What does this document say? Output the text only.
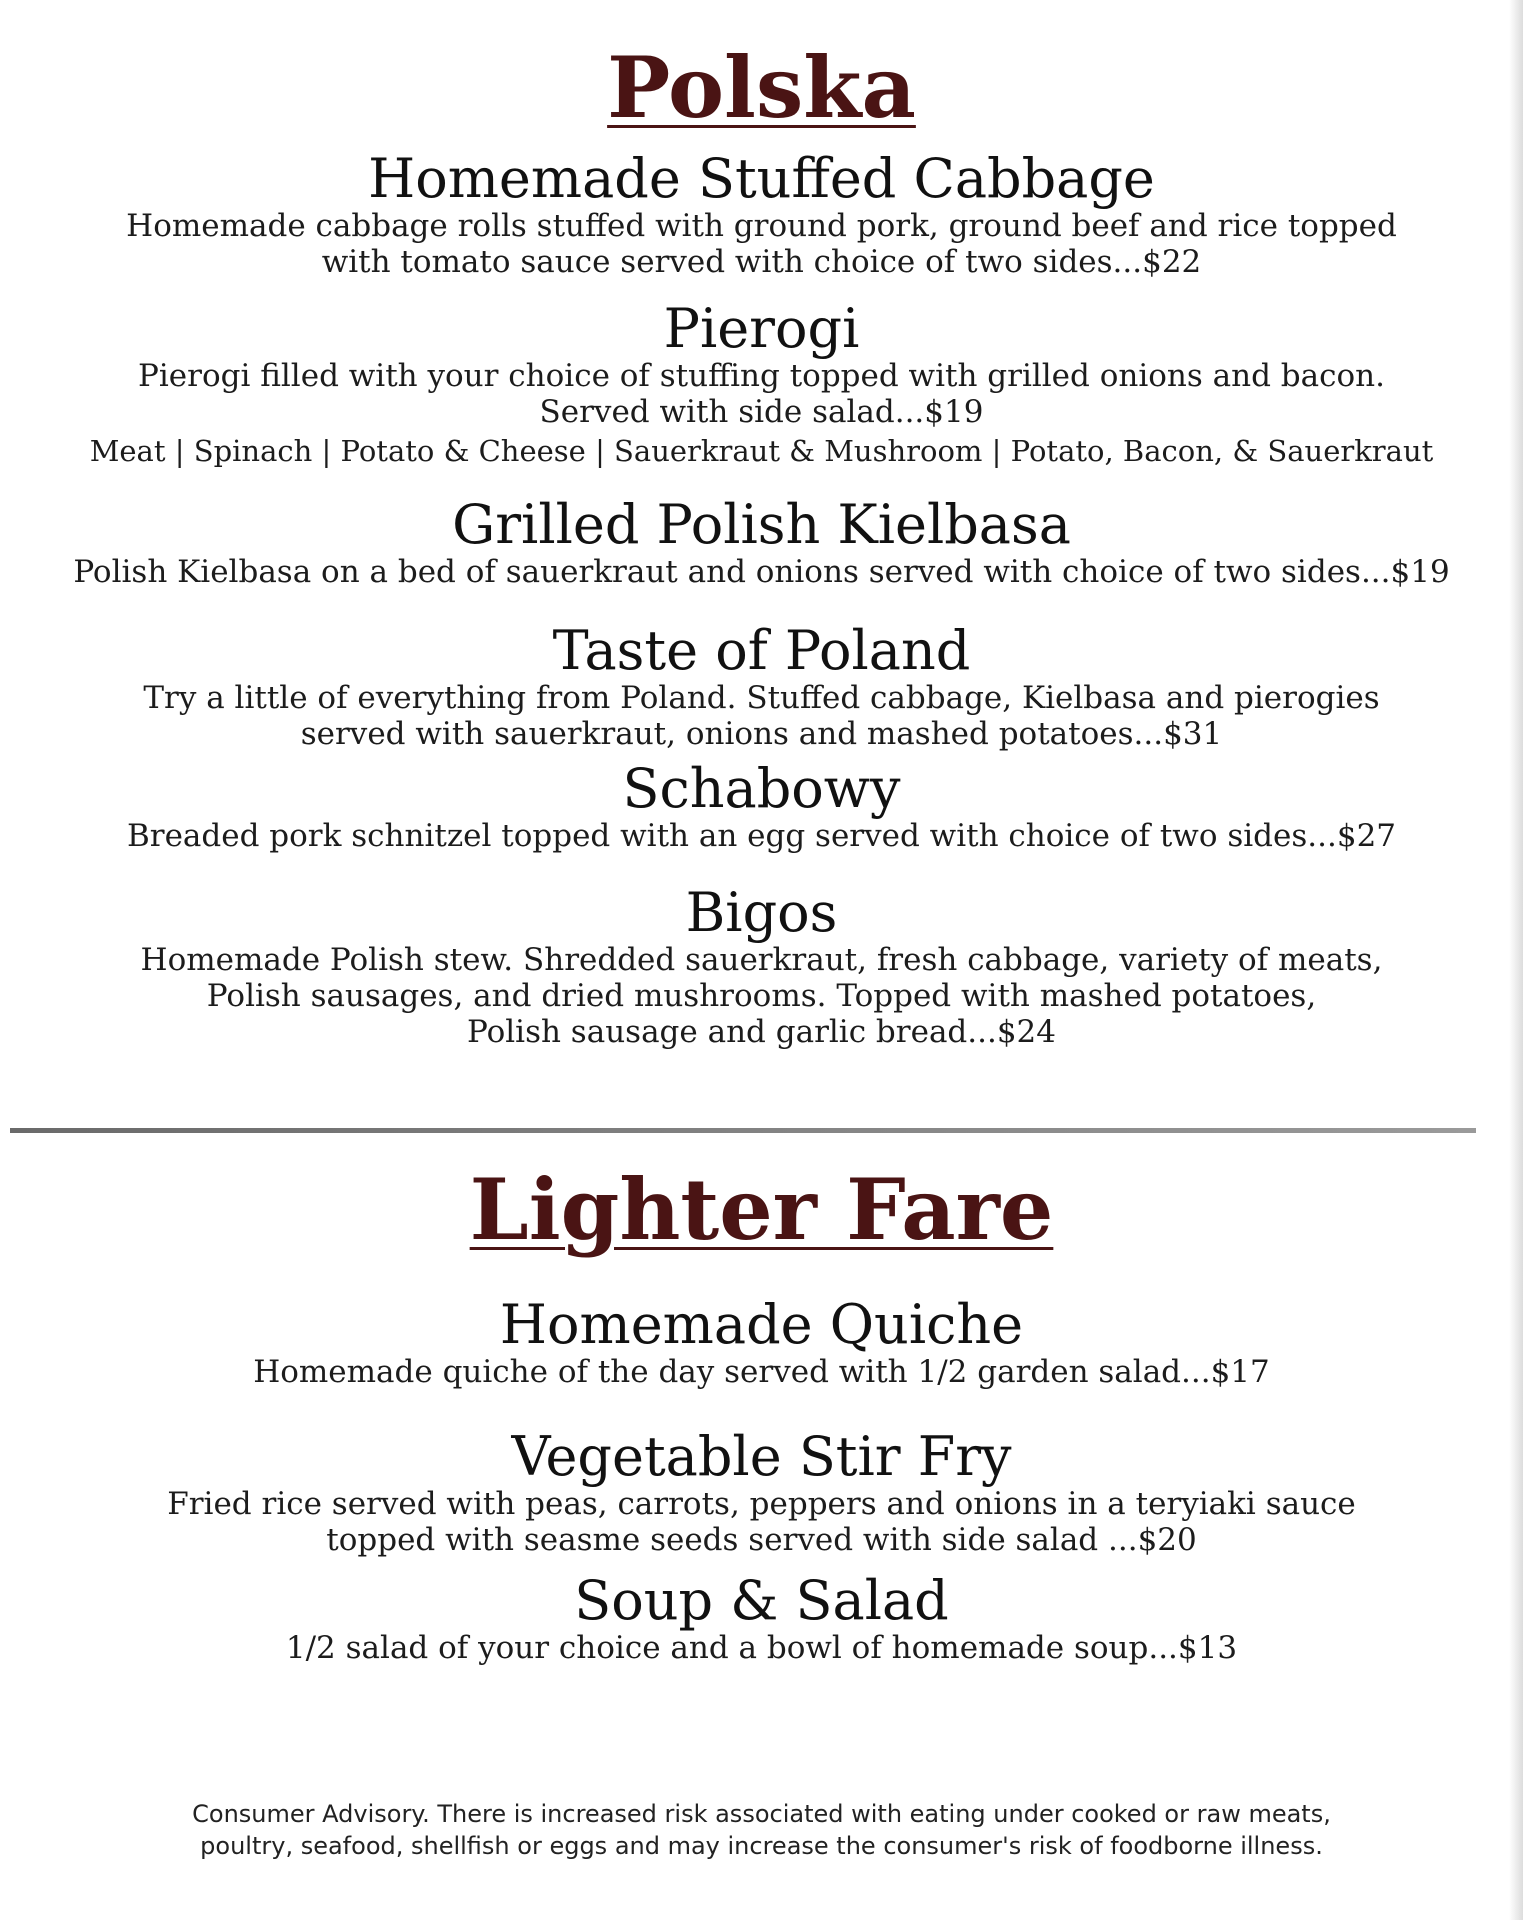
Polska
Homemade Stuffed Cabbage

Homemade cabbage rolls stuffed with ground pork, ground beef and rice topped

with tomato sauce served with choice of two sides...$22

Pierogi

Pierogi filled with your choice of stuffing topped with grilled onions and bacon.

Served with side salad...$19

Meat | Spinach | Potato & Cheese | Sauerkraut & Mushroom | Potato, Bacon, & Sauerkraut

Grilled Polish Kielbasa

Polish Kielbasa on a bed of sauerkraut and onions served with choice of two sides...$19

Taste of Poland

Try a little of everything from Poland. Stuffed cabbage, Kielbasa and pierogies

served with sauerkraut, onions and mashed potatoes...$31

Schabowy

Breaded pork schnitzel topped with an egg served with choice of two sides...$27

Bigos

Homemade Polish stew. Shredded sauerkraut, fresh cabbage, variety of meats,

Polish sausages, and dried mushrooms. Topped with mashed potatoes,

Polish sausage and garlic bread...$24

Lighter Fare
Homemade Quiche

Homemade quiche of the day served with 1/2 garden salad...$17

Vegetable Stir Fry

Fried rice served with peas, carrots, peppers and onions in a teryiaki sauce

topped with seasme seeds served with side salad ...$20

Soup & Salad

1/2 salad of your choice and a bowl of homemade soup...$13

Consumer Advisory. There is increased risk associated with eating under cooked or raw meats,
poultry, seafood, shellfish or eggs and may increase the consumer's risk of foodborne illness.
